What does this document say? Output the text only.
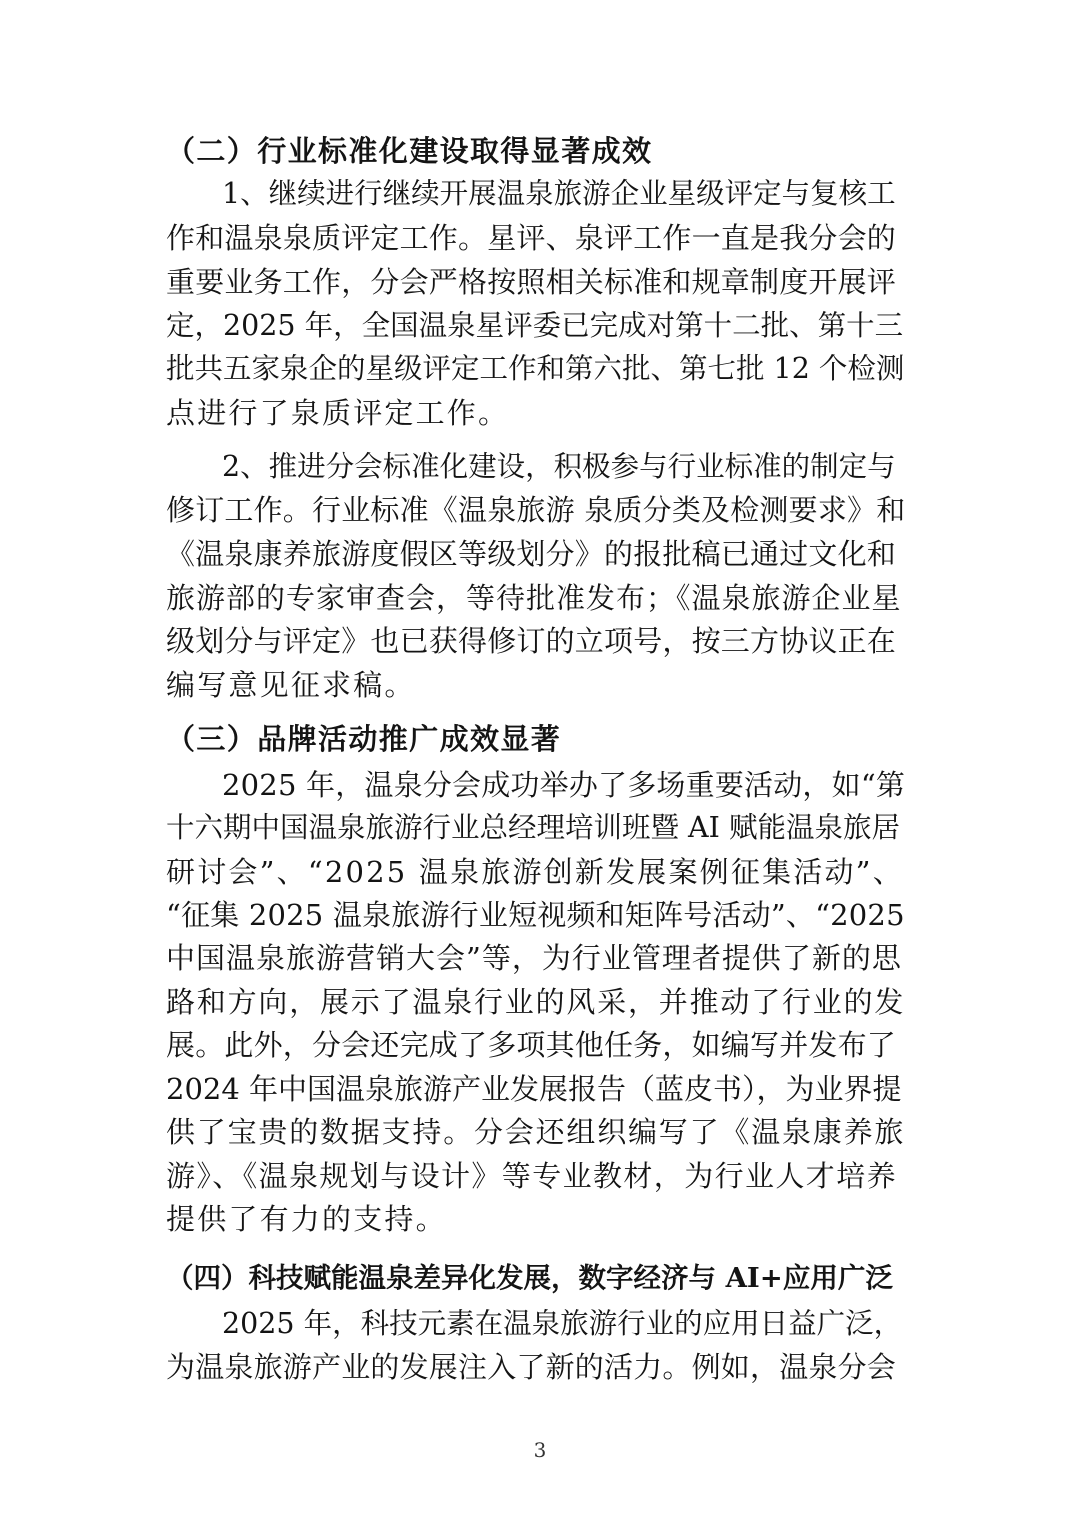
（二）行业标准化建设取得显著成效
1、继续进行继续开展温泉旅游企业星级评定与复核工
作和温泉泉质评定工作。星评、泉评工作一直是我分会的
重要业务工作，分会严格按照相关标准和规章制度开展评
定，2025 年，全国温泉星评委已完成对第十二批、第十三
批共五家泉企的星级评定工作和第六批、第七批 12 个检测
点进行了泉质评定工作。
2、推进分会标准化建设，积极参与行业标准的制定与
修订工作。行业标准《温泉旅游 泉质分类及检测要求》和
《温泉康养旅游度假区等级划分》的报批稿已通过文化和
旅游部的专家审查会，等待批准发布；《温泉旅游企业星
级划分与评定》也已获得修订的立项号，按三方协议正在
编写意见征求稿。
（三）品牌活动推广成效显著
2025 年，温泉分会成功举办了多场重要活动，如“第
十六期中国温泉旅游行业总经理培训班暨 AI 赋能温泉旅居
研讨会”、“2025 温泉旅游创新发展案例征集活动”、
“征集 2025 温泉旅游行业短视频和矩阵号活动”、“2025
中国温泉旅游营销大会”等，为行业管理者提供了新的思
路和方向，展示了温泉行业的风采，并推动了行业的发
展。此外，分会还完成了多项其他任务，如编写并发布了
2024 年中国温泉旅游产业发展报告（蓝皮书），为业界提
供了宝贵的数据支持。分会还组织编写了《温泉康养旅
游》、《温泉规划与设计》等专业教材，为行业人才培养
提供了有力的支持。
（四）科技赋能温泉差异化发展，数字经济与 AI+应用广泛
2025 年，科技元素在温泉旅游行业的应用日益广泛，
为温泉旅游产业的发展注入了新的活力。例如，温泉分会
3
